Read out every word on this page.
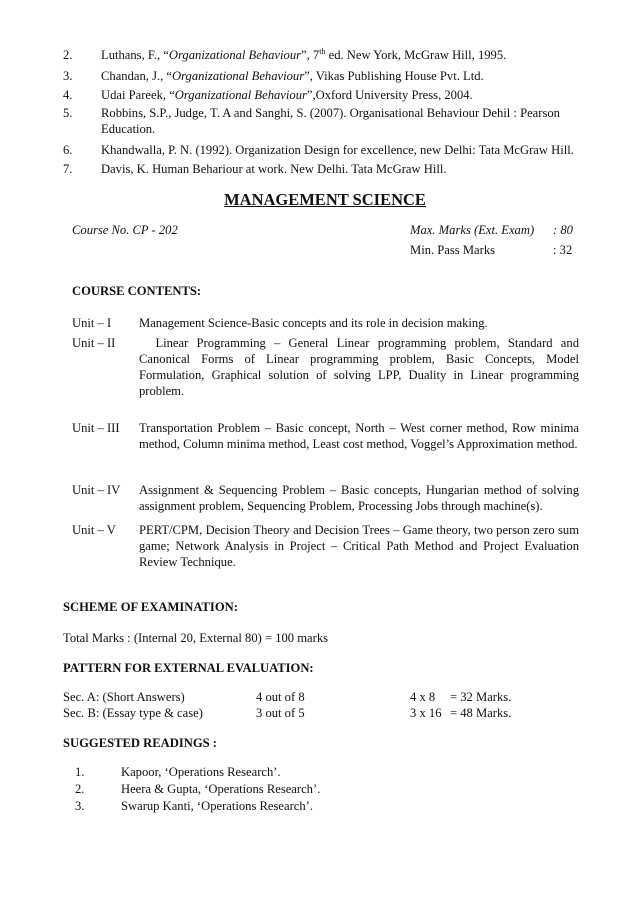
2. Luthans, F., “Organizational Behaviour”, 7th ed. New York, McGraw Hill, 1995.
3. Chandan, J., “Organizational Behaviour”, Vikas Publishing House Pvt. Ltd.
4. Udai Pareek, “Organizational Behaviour”,Oxford University Press, 2004.
5. Robbins, S.P., Judge, T. A and Sanghi, S. (2007). Organisational Behaviour Dehil : Pearson Education.
6. Khandwalla, P. N. (1992). Organization Design for excellence, new Delhi: Tata McGraw Hill.
7. Davis, K. Human Behariour at work. New Delhi. Tata McGraw Hill.
MANAGEMENT SCIENCE
Course No. CP - 202	Max. Marks (Ext. Exam) : 80
Min. Pass Marks	: 32
COURSE CONTENTS:
Unit – I Management Science-Basic concepts and its role in decision making.
Unit – II Linear Programming – General Linear programming problem, Standard and Canonical Forms of Linear programming problem, Basic Concepts, Model Formulation, Graphical solution of solving LPP, Duality in Linear programming problem.
Unit – III Transportation Problem – Basic concept, North – West corner method, Row minima method, Column minima method, Least cost method, Voggel’s Approximation method.
Unit – IV Assignment & Sequencing Problem – Basic concepts, Hungarian method of solving assignment problem, Sequencing Problem, Processing Jobs through machine(s).
Unit – V PERT/CPM, Decision Theory and Decision Trees – Game theory, two person zero sum game; Network Analysis in Project – Critical Path Method and Project Evaluation Review Technique.
SCHEME OF EXAMINATION:
Total Marks : (Internal 20, External 80) = 100 marks
PATTERN FOR EXTERNAL EVALUATION:
Sec. A: (Short Answers)	4 out of 8	4 x 8 = 32 Marks.
Sec. B: (Essay type & case)	3 out of 5	3 x 16 = 48 Marks.
SUGGESTED READINGS :
1.	Kapoor, ‘Operations Research’.
2.	Heera & Gupta, ‘Operations Research’.
3.	Swarup Kanti, ‘Operations Research’.
